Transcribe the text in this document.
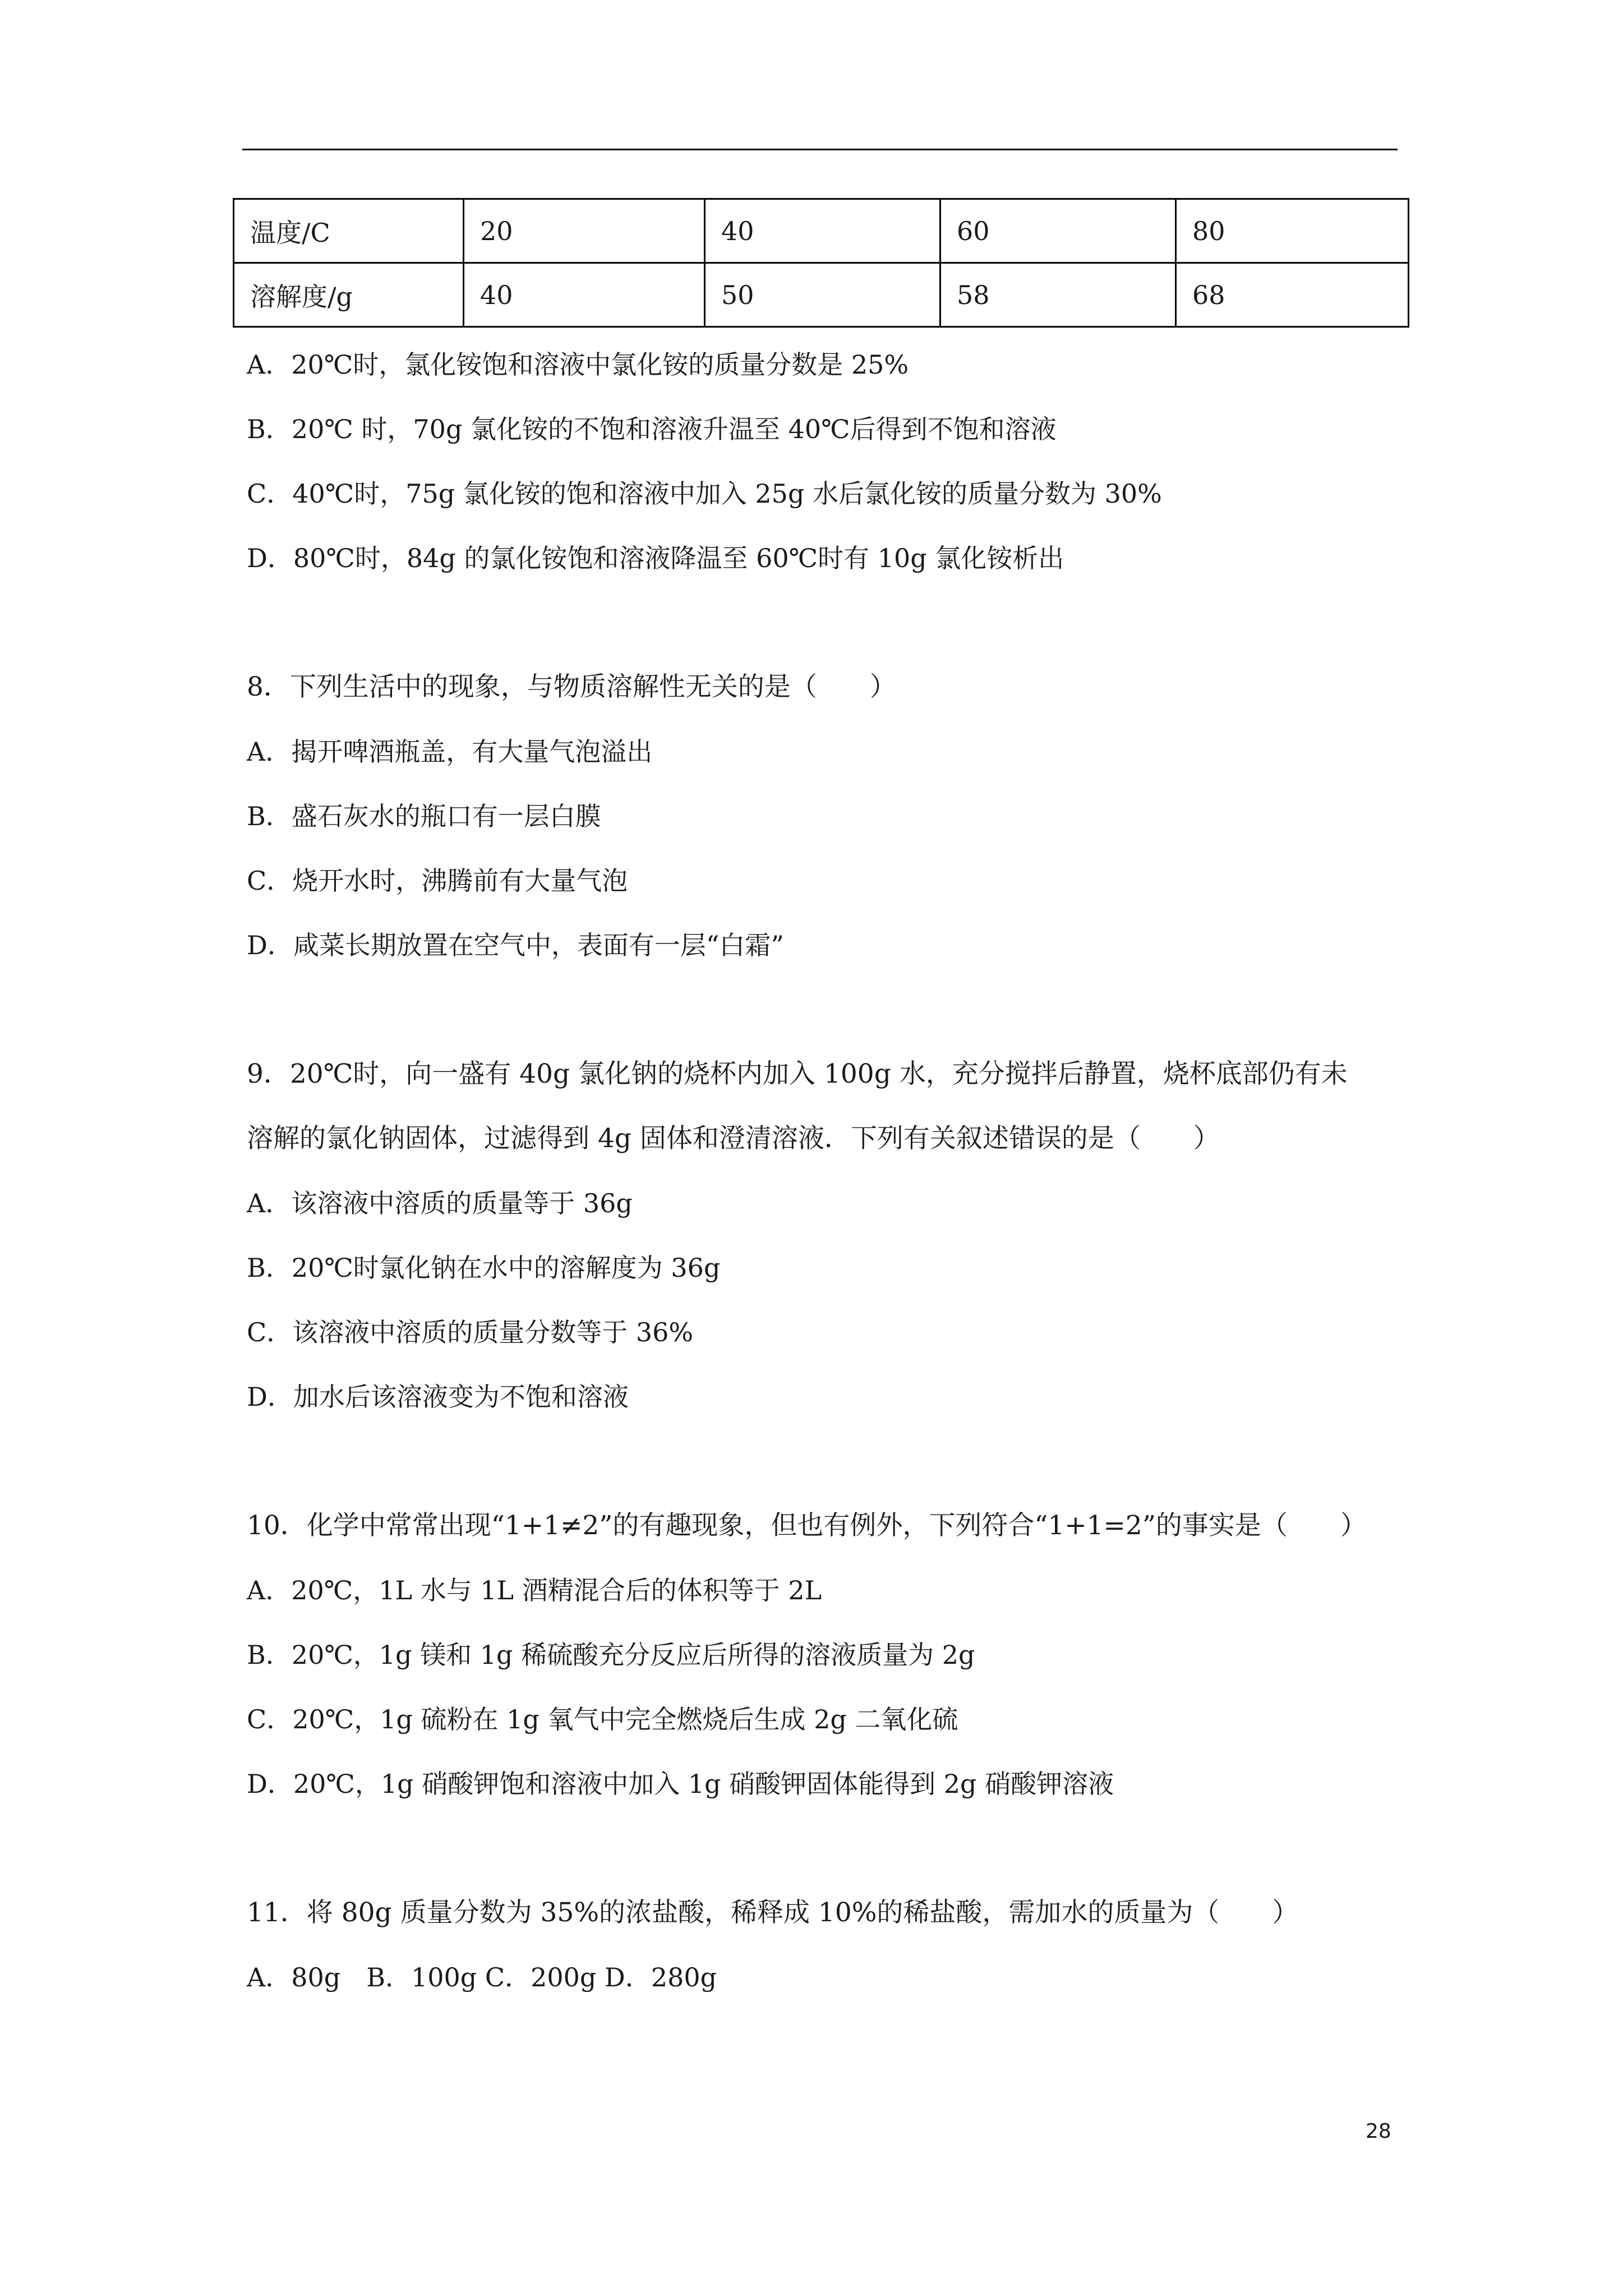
温度/C	20	40	60	80
溶解度/g	40	50	58	68
A．20℃时，氯化铵饱和溶液中氯化铵的质量分数是 25%
B．20℃ 时，70g 氯化铵的不饱和溶液升温至 40℃后得到不饱和溶液
C．40℃时，75g 氯化铵的饱和溶液中加入 25g 水后氯化铵的质量分数为 30%
D．80℃时，84g 的氯化铵饱和溶液降温至 60℃时有 10g 氯化铵析出
8．下列生活中的现象，与物质溶解性无关的是（　　）
A．揭开啤酒瓶盖，有大量气泡溢出
B．盛石灰水的瓶口有一层白膜
C．烧开水时，沸腾前有大量气泡
D．咸菜长期放置在空气中，表面有一层“白霜”
9．20℃时，向一盛有 40g 氯化钠的烧杯内加入 100g 水，充分搅拌后静置，烧杯底部仍有未
溶解的氯化钠固体，过滤得到 4g 固体和澄清溶液．下列有关叙述错误的是（　　）
A．该溶液中溶质的质量等于 36g
B．20℃时氯化钠在水中的溶解度为 36g
C．该溶液中溶质的质量分数等于 36%
D．加水后该溶液变为不饱和溶液
10．化学中常常出现“1+1≠2”的有趣现象，但也有例外，下列符合“1+1=2”的事实是（　　）
A．20℃，1L 水与 1L 酒精混合后的体积等于 2L
B．20℃，1g 镁和 1g 稀硫酸充分反应后所得的溶液质量为 2g
C．20℃，1g 硫粉在 1g 氧气中完全燃烧后生成 2g 二氧化硫
D．20℃，1g 硝酸钾饱和溶液中加入 1g 硝酸钾固体能得到 2g 硝酸钾溶液
11．将 80g 质量分数为 35%的浓盐酸，稀释成 10%的稀盐酸，需加水的质量为（　　）
A．80g　B．100g C．200g D．280g
28
